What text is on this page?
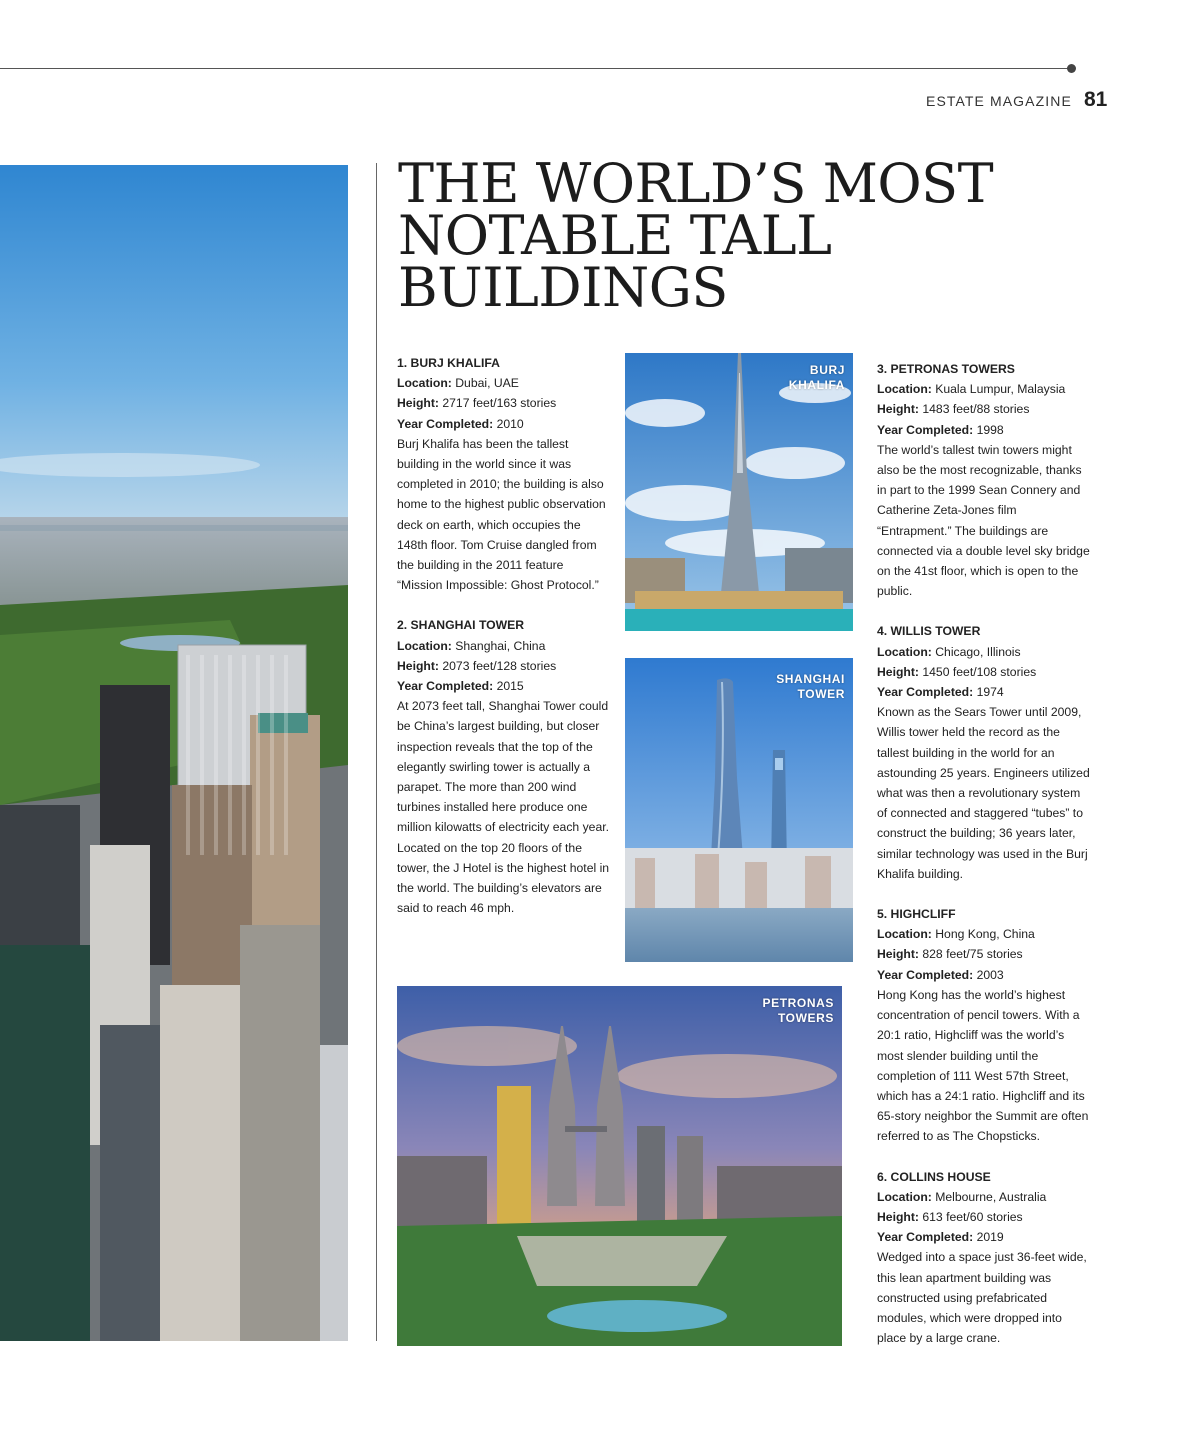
ESTATE MAGAZINE 81
THE WORLD’S MOST
NOTABLE TALL
BUILDINGS
BURJ
KHALIFA
SHANGHAI
TOWER
PETRONAS
TOWERS
1. BURJ KHALIFA
Location: Dubai, UAE
Height: 2717 feet/163 stories
Year Completed: 2010
Burj Khalifa has been the tallest building in the world since it was completed in 2010; the building is also home to the highest public observation deck on earth, which occupies the 148th floor. Tom Cruise dangled from the building in the 2011 feature “Mission Impossible: Ghost Protocol.”
2. SHANGHAI TOWER
Location: Shanghai, China
Height: 2073 feet/128 stories
Year Completed: 2015
At 2073 feet tall, Shanghai Tower could be China’s largest building, but closer inspection reveals that the top of the elegantly swirling tower is actually a parapet. The more than 200 wind turbines installed here produce one million kilowatts of electricity each year. Located on the top 20 floors of the tower, the J Hotel is the highest hotel in the world. The building’s elevators are said to reach 46 mph.
3. PETRONAS TOWERS
Location: Kuala Lumpur, Malaysia
Height: 1483 feet/88 stories
Year Completed: 1998
The world’s tallest twin towers might also be the most recognizable, thanks in part to the 1999 Sean Connery and Catherine Zeta-Jones film “Entrapment.” The buildings are connected via a double level sky bridge on the 41st floor, which is open to the public.
4. WILLIS TOWER
Location: Chicago, Illinois
Height: 1450 feet/108 stories
Year Completed: 1974
Known as the Sears Tower until 2009, Willis tower held the record as the tallest building in the world for an astounding 25 years. Engineers utilized what was then a revolutionary system of connected and staggered “tubes” to construct the building; 36 years later, similar technology was used in the Burj Khalifa building.
5. HIGHCLIFF
Location: Hong Kong, China
Height: 828 feet/75 stories
Year Completed: 2003
Hong Kong has the world’s highest concentration of pencil towers. With a 20:1 ratio, Highcliff was the world’s most slender building until the completion of 111 West 57th Street, which has a 24:1 ratio. Highcliff and its 65-story neighbor the Summit are often referred to as The Chopsticks.
6. COLLINS HOUSE
Location: Melbourne, Australia
Height: 613 feet/60 stories
Year Completed: 2019
Wedged into a space just 36-feet wide, this lean apartment building was constructed using prefabricated modules, which were dropped into place by a large crane.
